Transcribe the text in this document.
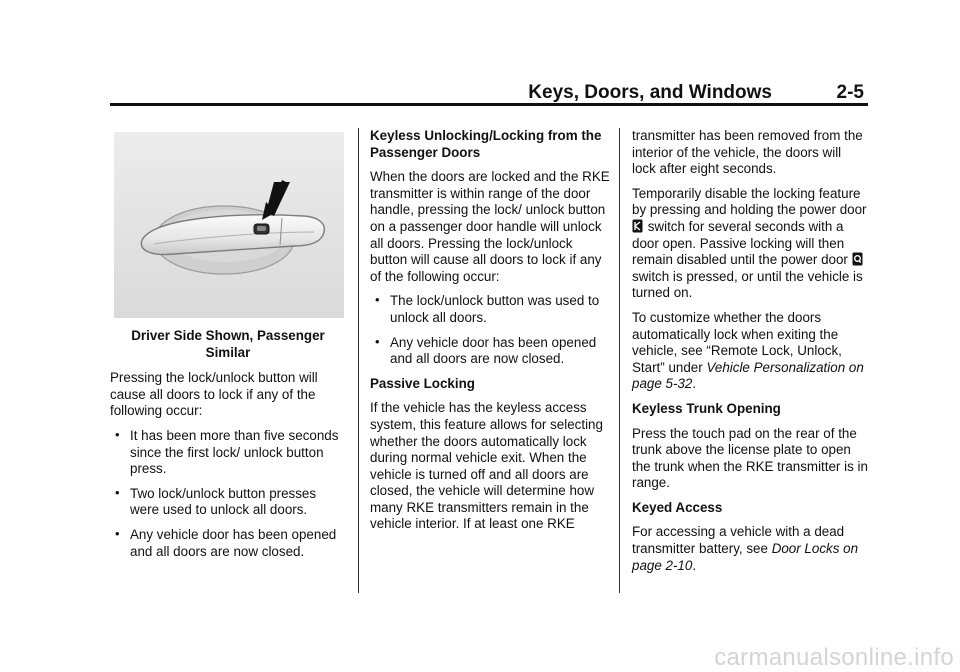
Keys, Doors, and Windows	2-5
Driver Side Shown, Passenger Similar

Pressing the lock/unlock button will cause all doors to lock if any of the following occur:

• It has been more than five seconds since the first lock/ unlock button press.
• Two lock/unlock button presses were used to unlock all doors.
• Any vehicle door has been opened and all doors are now closed.
Keyless Unlocking/Locking from the Passenger Doors

When the doors are locked and the RKE transmitter is within range of the door handle, pressing the lock/ unlock button on a passenger door handle will unlock all doors. Pressing the lock/unlock button will cause all doors to lock if any of the following occur:

• The lock/unlock button was used to unlock all doors.
• Any vehicle door has been opened and all doors are now closed.
Passive Locking

If the vehicle has the keyless access system, this feature allows for selecting whether the doors automatically lock during normal vehicle exit. When the vehicle is turned off and all doors are closed, the vehicle will determine how many RKE transmitters remain in the vehicle interior. If at least one RKE

transmitter has been removed from the interior of the vehicle, the doors will lock after eight seconds.

Temporarily disable the locking feature by pressing and holding the power door  switch for several seconds with a door open. Passive locking will then remain disabled until the power door  switch is pressed, or until the vehicle is turned on.

To customize whether the doors automatically lock when exiting the vehicle, see “Remote Lock, Unlock, Start” under Vehicle Personalization on page 5-32.

Keyless Trunk Opening

Press the touch pad on the rear of the trunk above the license plate to open the trunk when the RKE transmitter is in range.

Keyed Access

For accessing a vehicle with a dead transmitter battery, see Door Locks on page 2-10.

carmanualsonline.info
